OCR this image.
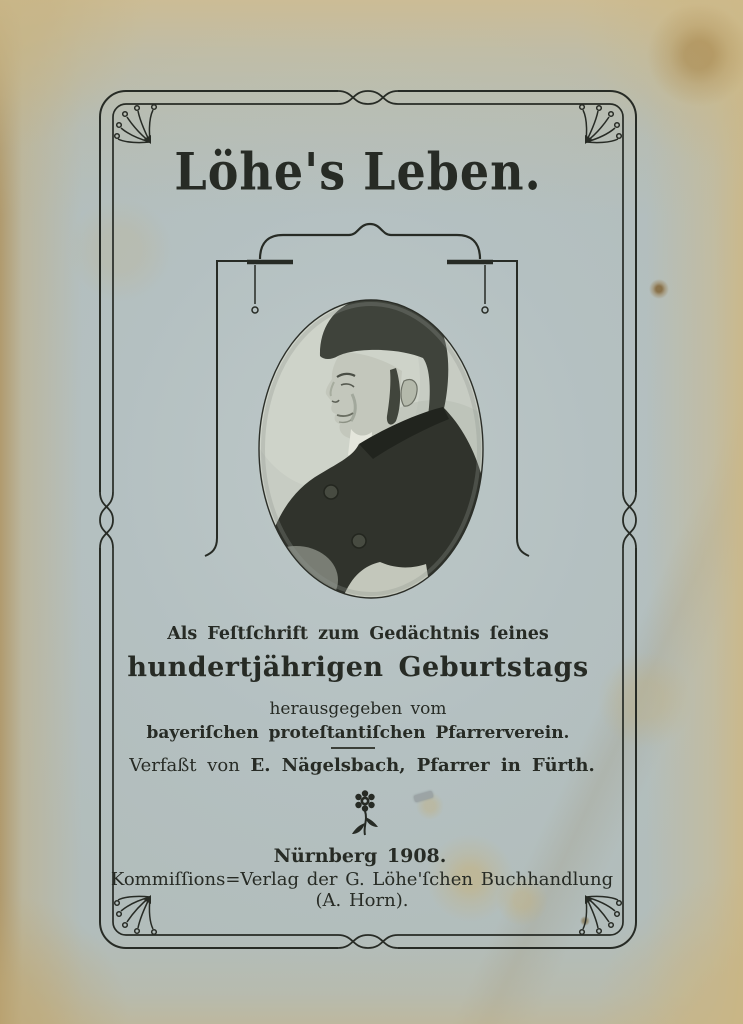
Löhe's Leben.
Als Feſtſchrift zum Gedächtnis ſeines
hundertjährigen Geburtstags
herausgegeben vom
bayeriſchen proteſtantiſchen Pfarrerverein.
Verfaßt von E. Nägelsbach, Pfarrer in Fürth.
Nürnberg 1908.
Kommiſſions=Verlag der G. Löhe'ſchen Buchhandlung
(A. Horn).
